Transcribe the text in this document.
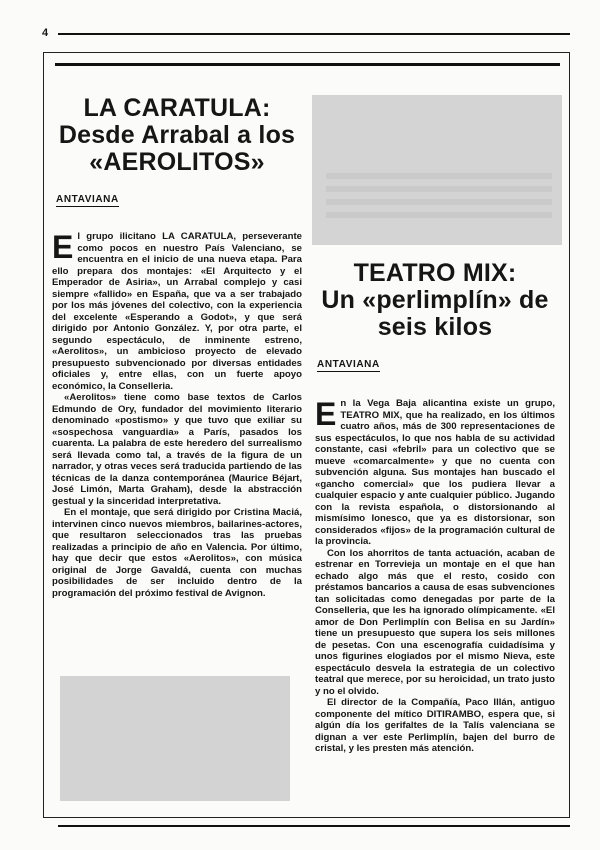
4
LA CARATULA:
Desde Arrabal a los
«AEROLITOS»
ANTAVIANA

El grupo ilicitano LA CARATULA, perseverante como pocos en nuestro País Valenciano, se encuentra en el inicio de una nueva etapa. Para ello prepara dos montajes: «El Arquitecto y el Emperador de Asiria», un Arrabal complejo y casi siempre «fallido» en España, que va a ser trabajado por los más jóvenes del colectivo, con la experiencia del excelente «Esperando a Godot», y que será dirigido por Antonio González. Y, por otra parte, el segundo espectáculo, de inminente estreno, «Aerolitos», un ambicioso proyecto de elevado presupuesto subvencionado por diversas entidades oficiales y, entre ellas, con un fuerte apoyo económico, la Conselleria.

«Aerolitos» tiene como base textos de Carlos Edmundo de Ory, fundador del movimiento literario denominado «postismo» y que tuvo que exiliar su «sospechosa vanguardia» a París, pasados los cuarenta. La palabra de este heredero del surrealismo será llevada como tal, a través de la figura de un narrador, y otras veces será traducida partiendo de las técnicas de la danza contemporánea (Maurice Béjart, José Limón, Marta Graham), desde la abstracción gestual y la sinceridad interpretativa.

En el montaje, que será dirigido por Cristina Maciá, intervinen cinco nuevos miembros, bailarines-actores, que resultaron seleccionados tras las pruebas realizadas a principio de año en Valencia. Por último, hay que decir que estos «Aerolitos», con música original de Jorge Gavaldá, cuenta con muchas posibilidades de ser incluido dentro de la programación del próximo festival de Avignon.

TEATRO MIX:
Un «perlimplín» de
seis kilos
ANTAVIANA

En la Vega Baja alicantina existe un grupo, TEATRO MIX, que ha realizado, en los últimos cuatro años, más de 300 representaciones de sus espectáculos, lo que nos habla de su actividad constante, casi «febril» para un colectivo que se mueve «comarcalmente» y que no cuenta con subvención alguna. Sus montajes han buscado el «gancho comercial» que los pudiera llevar a cualquier espacio y ante cualquier público. Jugando con la revista española, o distorsionando al mismísimo Ionesco, que ya es distorsionar, son considerados «fijos» de la programación cultural de la provincia.

Con los ahorritos de tanta actuación, acaban de estrenar en Torrevieja un montaje en el que han echado algo más que el resto, cosido con préstamos bancarios a causa de esas subvenciones tan solicitadas como denegadas por parte de la Conselleria, que les ha ignorado olímpicamente. «El amor de Don Perlimplín con Belisa en su Jardín» tiene un presupuesto que supera los seis millones de pesetas. Con una escenografía cuidadísima y unos figurines elogiados por el mismo Nieva, este espectáculo desvela la estrategia de un colectivo teatral que merece, por su heroicidad, un trato justo y no el olvido.

El director de la Compañía, Paco Illán, antiguo componente del mítico DITIRAMBO, espera que, si algún día los gerifaltes de la Talís valenciana se dignan a ver este Perlimplín, bajen del burro de cristal, y les presten más atención.
